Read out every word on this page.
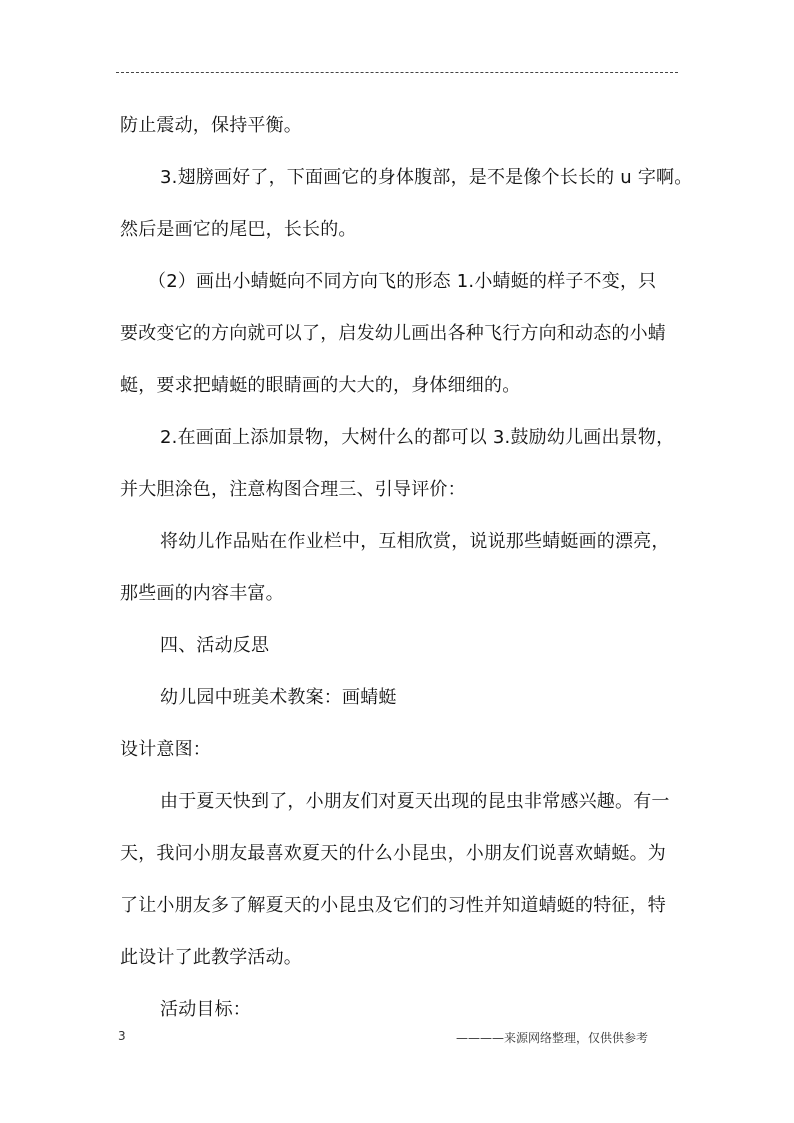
防止震动，保持平衡。
3.翅膀画好了，下面画它的身体腹部，是不是像个长长的 u 字啊。
然后是画它的尾巴，长长的。
（2）画出小蜻蜓向不同方向飞的形态 1.小蜻蜓的样子不变，只
要改变它的方向就可以了，启发幼儿画出各种飞行方向和动态的小蜻
蜓，要求把蜻蜓的眼睛画的大大的，身体细细的。
2.在画面上添加景物，大树什么的都可以 3.鼓励幼儿画出景物，
并大胆涂色，注意构图合理三、引导评价：
将幼儿作品贴在作业栏中，互相欣赏，说说那些蜻蜓画的漂亮，
那些画的内容丰富。
四、活动反思
幼儿园中班美术教案：画蜻蜓
设计意图：
由于夏天快到了，小朋友们对夏天出现的昆虫非常感兴趣。有一
天，我问小朋友最喜欢夏天的什么小昆虫，小朋友们说喜欢蜻蜓。为
了让小朋友多了解夏天的小昆虫及它们的习性并知道蜻蜓的特征，特
此设计了此教学活动。
活动目标：
3	————来源网络整理，仅供供参考
